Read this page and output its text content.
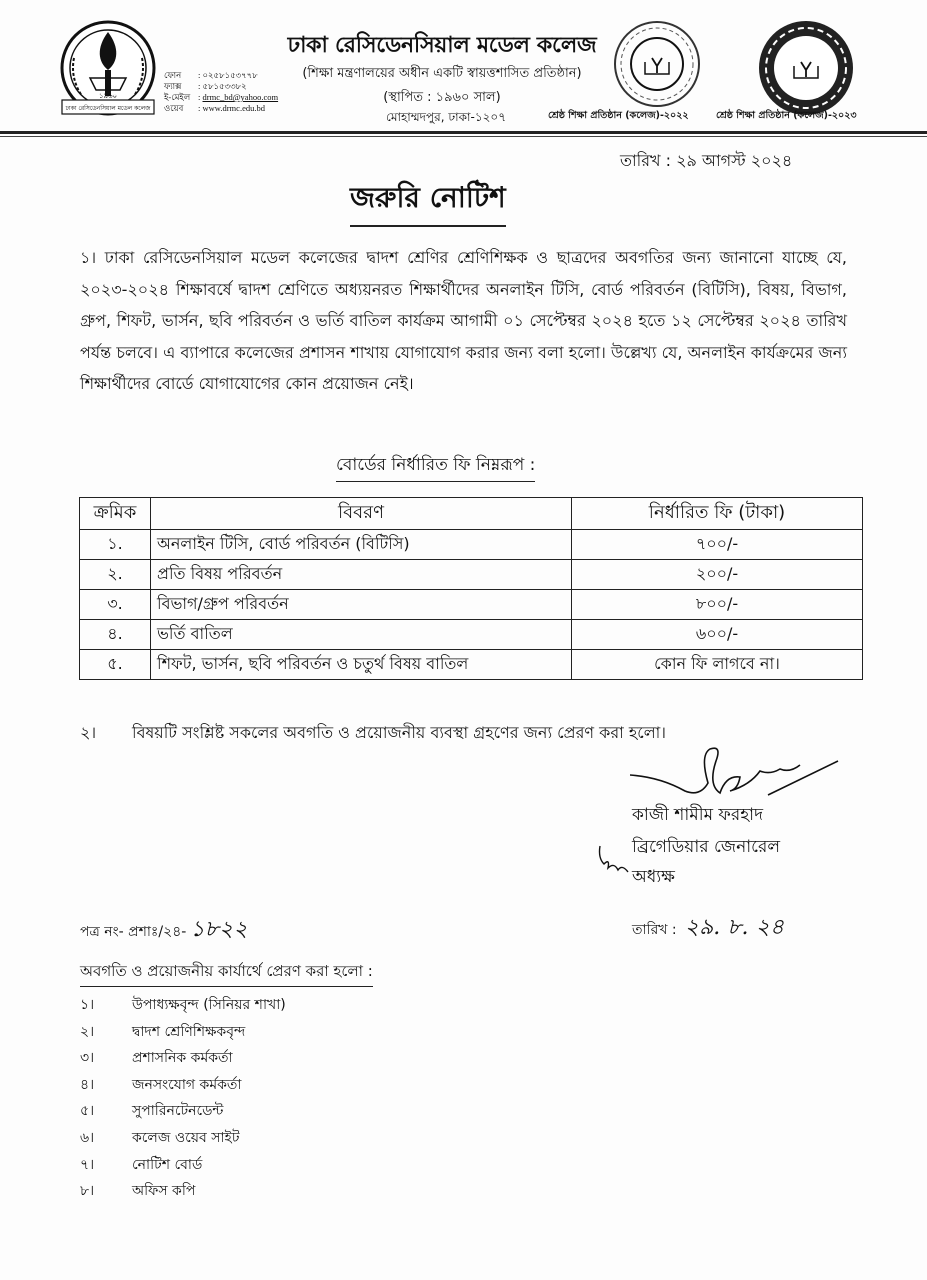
১৯৬০
ঢাকা রেসিডেনসিয়াল মডেল কলেজ
ফোন	: ০২৫৮১৫৩৭৭৮
ফ্যাক্স	: ৫৮১৫৩৩৮২
ই-মেইল : drmc_bd@yahoo.com
ওয়েব	: www.drmc.edu.bd
ঢাকা রেসিডেনসিয়াল মডেল কলেজ
(শিক্ষা মন্ত্রণালয়ের অধীন একটি স্বায়ত্তশাসিত প্রতিষ্ঠান)
(স্থাপিত : ১৯৬০ সাল)
মোহাম্মদপুর, ঢাকা-১২০৭	শ্রেষ্ঠ শিক্ষা প্রতিষ্ঠান (কলেজ)-২০২২	শ্রেষ্ঠ শিক্ষা প্রতিষ্ঠান (কলেজ)-২০২৩
তারিখ : ২৯ আগস্ট ২০২৪
জরুরি নোটিশ
১। ঢাকা রেসিডেনসিয়াল মডেল কলেজের দ্বাদশ শ্রেণির শ্রেণিশিক্ষক ও ছাত্রদের অবগতির জন্য জানানো যাচ্ছে যে, ২০২৩-২০২৪ শিক্ষাবর্ষে দ্বাদশ শ্রেণিতে অধ্যয়নরত শিক্ষার্থীদের অনলাইন টিসি, বোর্ড পরিবর্তন (বিটিসি), বিষয়, বিভাগ, গ্রুপ, শিফট, ভার্সন, ছবি পরিবর্তন ও ভর্তি বাতিল কার্যক্রম আগামী ০১ সেপ্টেম্বর ২০২৪ হতে ১২ সেপ্টেম্বর ২০২৪ তারিখ পর্যন্ত চলবে। এ ব্যাপারে কলেজের প্রশাসন শাখায় যোগাযোগ করার জন্য বলা হলো। উল্লেখ্য যে, অনলাইন কার্যক্রমের জন্য শিক্ষার্থীদের বোর্ডে যোগাযোগের কোন প্রয়োজন নেই।
বোর্ডের নির্ধারিত ফি নিম্নরূপ :
ক্রমিক	বিবরণ	নির্ধারিত ফি (টাকা)
১.	অনলাইন টিসি, বোর্ড পরিবর্তন (বিটিসি)	৭০০/-
২.	প্রতি বিষয় পরিবর্তন	২০০/-
৩.	বিভাগ/গ্রুপ পরিবর্তন	৮০০/-
৪.	ভর্তি বাতিল	৬০০/-
৫.	শিফট, ভার্সন, ছবি পরিবর্তন ও চতুর্থ বিষয় বাতিল	কোন ফি লাগবে না।
২। বিষয়টি সংশ্লিষ্ট সকলের অবগতি ও প্রয়োজনীয় ব্যবস্থা গ্রহণের জন্য প্রেরণ করা হলো।
কাজী শামীম ফরহাদ
ব্রিগেডিয়ার জেনারেল
অধ্যক্ষ
পত্র নং- প্রশাঃ/২৪- ১৮২২	তারিখ : ২৯. ৮. ২৪
অবগতি ও প্রয়োজনীয় কার্যার্থে প্রেরণ করা হলো :
১।	উপাধ্যক্ষবৃন্দ (সিনিয়র শাখা)
২।	দ্বাদশ শ্রেণিশিক্ষকবৃন্দ
৩।	প্রশাসনিক কর্মকর্তা
৪।	জনসংযোগ কর্মকর্তা
৫।	সুপারিনটেনডেন্ট
৬।	কলেজ ওয়েব সাইট
৭।	নোটিশ বোর্ড
৮।	অফিস কপি
